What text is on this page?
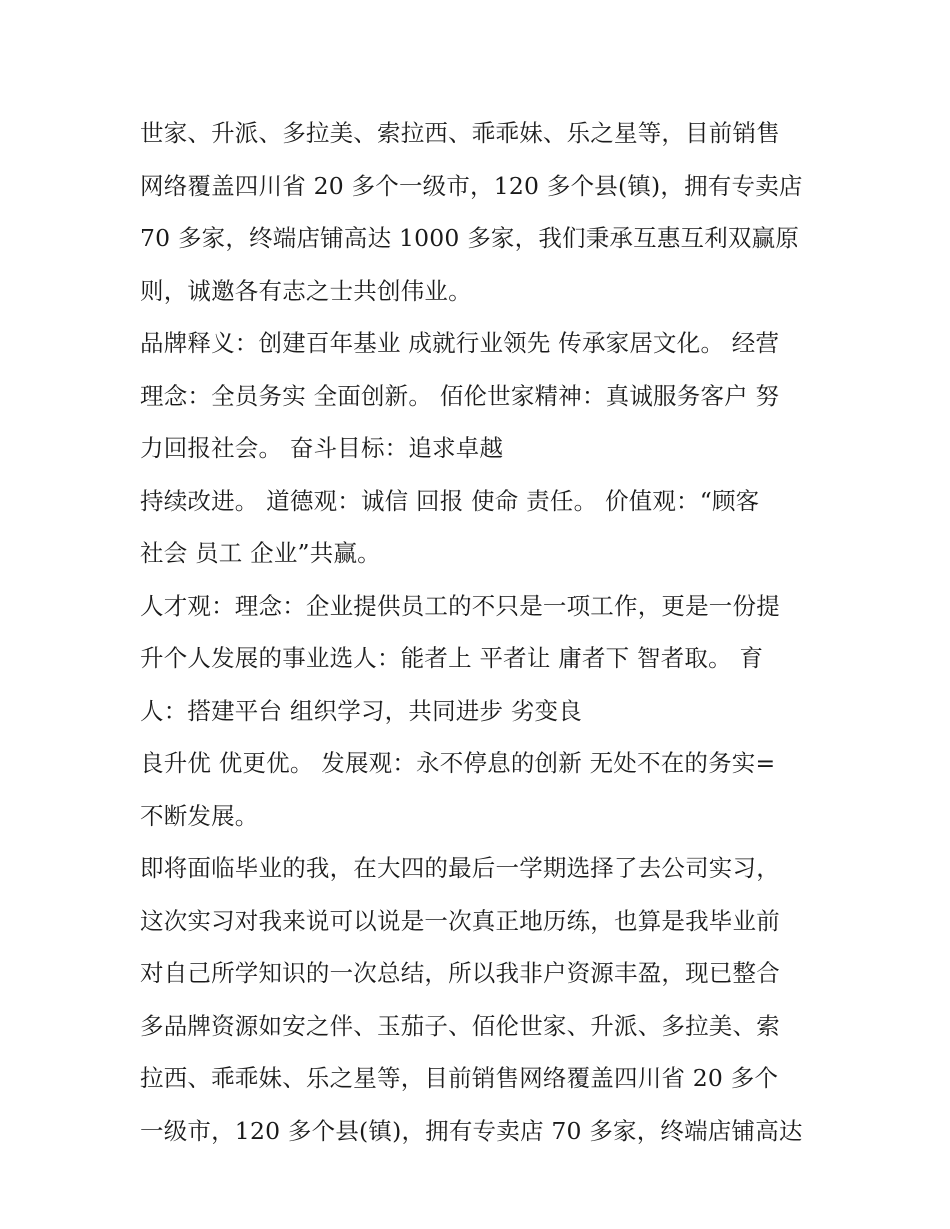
世家、升派、多拉美、索拉西、乖乖妹、乐之星等，目前销售
网络覆盖四川省 20 多个一级市，120 多个县(镇)，拥有专卖店
70 多家，终端店铺高达 1000 多家，我们秉承互惠互利双赢原
则，诚邀各有志之士共创伟业。
品牌释义：创建百年基业 成就行业领先 传承家居文化。 经营
理念：全员务实 全面创新。 佰伦世家精神：真诚服务客户 努
力回报社会。 奋斗目标：追求卓越
持续改进。 道德观：诚信 回报 使命 责任。 价值观：“顾客
社会 员工 企业”共赢。
人才观：理念：企业提供员工的不只是一项工作，更是一份提
升个人发展的事业选人：能者上 平者让 庸者下 智者取。 育
人：搭建平台 组织学习，共同进步 劣变良
良升优 优更优。 发展观：永不停息的创新 无处不在的务实=
不断发展。
即将面临毕业的我，在大四的最后一学期选择了去公司实习，
这次实习对我来说可以说是一次真正地历练，也算是我毕业前
对自己所学知识的一次总结，所以我非户资源丰盈，现已整合
多品牌资源如安之伴、玉茄子、佰伦世家、升派、多拉美、索
拉西、乖乖妹、乐之星等，目前销售网络覆盖四川省 20 多个
一级市，120 多个县(镇)，拥有专卖店 70 多家，终端店铺高达
